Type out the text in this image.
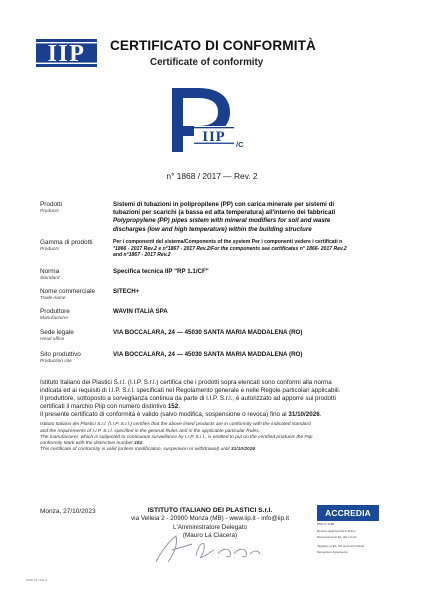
IIP CERTIFICATO DI CONFORMITÀ
Certificate of conformity
IIP /C
n° 1868 / 2017 — Rev. 2
Prodotti
Products
Sistemi di tubazioni in polipropilene (PP) con carica minerale per sistemi di
tubazioni per scarichi (a bassa ed alta temperatura) all'interno dei fabbricati
Polypropylene (PP) pipes sistem with mineral modifiers for soil and waste
discharges (low and high temperature) within the building structure
Gamma di prodotti
Products
Per i componenti del sistema/Components of the system Per i componenti vedere i certificati n
°1866 - 2017 Rev.2 e n°1867 - 2017 Rev.2/For the components see certificates n° 1866- 2017 Rev.2
and n°1867 - 2017 Rev.2
Norma
Standard
Specifica tecnica IIP "RP 1.1/CF"
Nome commerciale
Trade name
SITECH+
Produttore
Manufacturer
WAVIN ITALIA SPA
Sede legale
Head office
VIA BOCCALARA, 24 — 45030 SANTA MARIA MADDALENA (RO)
Sito produttivo
Production site
VIA BOCCALARA, 24 — 45030 SANTA MARIA MADDALENA (RO)

Istituto Italiano dei Plastici S.r.l. (I.I.P. S.r.l.) certifica che i prodotti sopra elencati sono conformi alla norma

indicata ed ai requisiti di I.I.P. S.r.l. specificati nel Regolamento generale e nelle Regole particolari applicabili.

Il produttore, sottoposto a sorveglianza continua da parte di I.I.P. S.r.l., è autorizzato ad apporre sui prodotti

certificati il marchio Piip con numero distintivo 152.

Il presente certificato di conformità è valido (salvo modifica, sospensione o revoca) fino al 31/10/2026.

Istituto Italiano dei Plastici S.r.l. (I.I.P. S.r.l.) certifies that the above listed products are in conformity with the indicated standard

and the requirements of I.I.P. S.r.l. specified in the general Rules and in the applicable particular Rules.

The manufacturer, which is subjected to continuous surveillance by I.I.P. S.r.l., is entitled to put on the certified products the Piip

conformity Mark with the distinctive number 152.

This certificate of conformity is valid (unless modification, suspension or withdrawal) until 31/10/2026.

Monza, 27/10/2023	ISTITUTO ITALIANO DEI PLASTICI S.r.l.
via Velleia 2 - 20900 Monza (MB) - www.iip.it - info@iip.it
L'Amministratore Delegato
(Mauro La Ciacera)
ACCREDIA
PRD N° 028B
Membro degli Accordi di Mutuo
Riconoscimento EA, IAF e ILAC
Signatory of EA, IAF and ILAC Mutual
Recognition Agreements
MOD 01 / Rev.4
